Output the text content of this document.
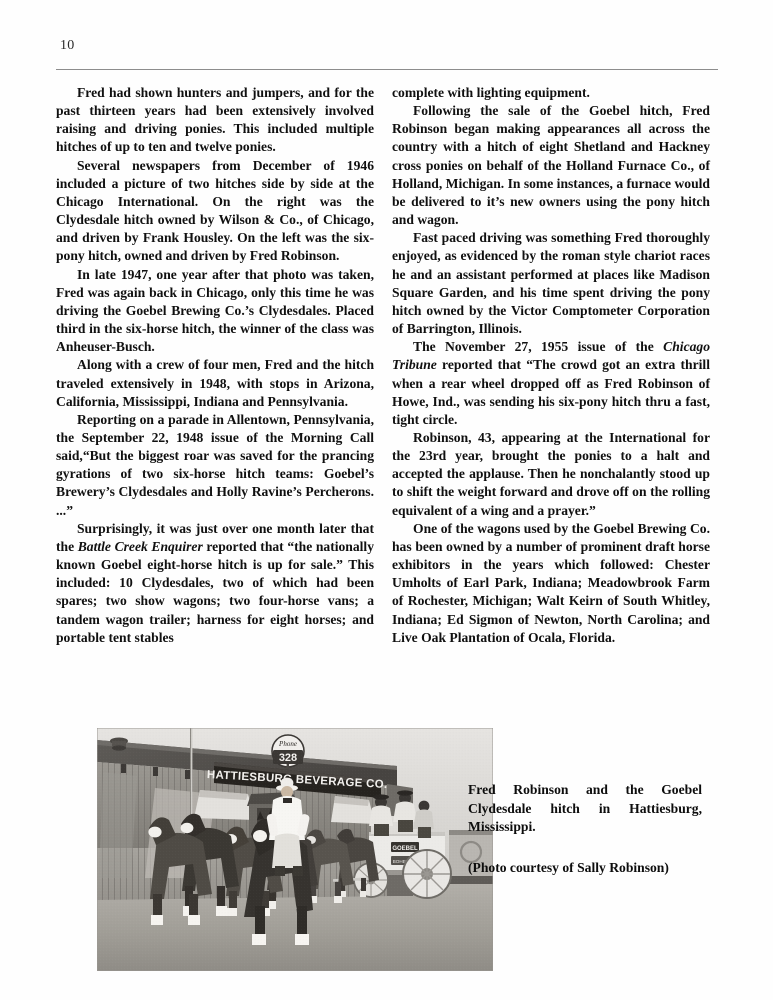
10

Fred had shown hunters and jumpers, and for the past thirteen years had been extensively involved raising and driving ponies. This included multiple hitches of up to ten and twelve ponies.

Several newspapers from December of 1946 included a picture of two hitches side by side at the Chicago International. On the right was the Clydesdale hitch owned by Wilson & Co., of Chicago, and driven by Frank Housley. On the left was the six-pony hitch, owned and driven by Fred Robinson.

In late 1947, one year after that photo was taken, Fred was again back in Chicago, only this time he was driving the Goebel Brewing Co.’s Clydesdales. Placed third in the six-horse hitch, the winner of the class was Anheuser-Busch.

Along with a crew of four men, Fred and the hitch traveled extensively in 1948, with stops in Arizona, California, Mississippi, Indiana and Pennsylvania.

Reporting on a parade in Allentown, Pennsylvania, the September 22, 1948 issue of the Morning Call said,“But the biggest roar was saved for the prancing gyrations of two six-horse hitch teams: Goebel’s Brewery’s Clydesdales and Holly Ravine’s Percherons. ...”

Surprisingly, it was just over one month later that the Battle Creek Enquirer reported that “the nationally known Goebel eight-horse hitch is up for sale.” This included: 10 Clydesdales, two of which had been spares; two show wagons; two four-horse vans; a tandem wagon trailer; harness for eight horses; and portable tent stables

complete with lighting equipment.

Following the sale of the Goebel hitch, Fred Robinson began making appearances all across the country with a hitch of eight Shetland and Hackney cross ponies on behalf of the Holland Furnace Co., of Holland, Michigan. In some instances, a furnace would be delivered to it’s new owners using the pony hitch and wagon.

Fast paced driving was something Fred thoroughly enjoyed, as evidenced by the roman style chariot races he and an assistant performed at places like Madison Square Garden, and his time spent driving the pony hitch owned by the Victor Comptometer Corporation of Barrington, Illinois.

The November 27, 1955 issue of the Chicago Tribune reported that “The crowd got an extra thrill when a rear wheel dropped off as Fred Robinson of Howe, Ind., was sending his six-pony hitch thru a fast, tight circle.

Robinson, 43, appearing at the International for the 23rd year, brought the ponies to a halt and accepted the applause. Then he nonchalantly stood up to shift the weight forward and drove off on the rolling equivalent of a wing and a prayer.”

One of the wagons used by the Goebel Brewing Co. has been owned by a number of prominent draft horse exhibitors in the years which followed: Chester Umholts of Earl Park, Indiana; Meadowbrook Farm of Rochester, Michigan; Walt Keirn of South Whitley, Indiana; Ed Sigmon of Newton, North Carolina; and Live Oak Plantation of Ocala, Florida.

Fred Robinson and the Goebel Clydesdale hitch in Hattiesburg, Mississippi.

(Photo courtesy of Sally Robinson)
